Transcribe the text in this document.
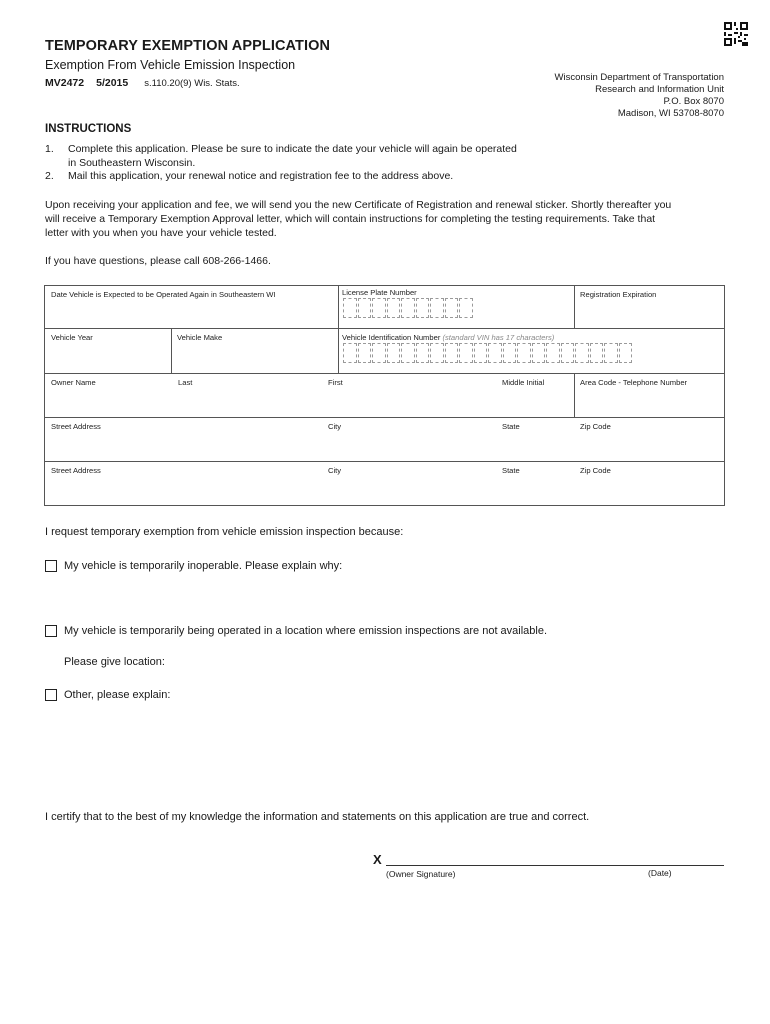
TEMPORARY EXEMPTION APPLICATION
Exemption From Vehicle Emission Inspection
MV2472 5/2015 s.110.20(9) Wis. Stats.
Wisconsin Department of Transportation
Research and Information Unit
P.O. Box 8070
Madison, WI 53708-8070
INSTRUCTIONS
1.	Complete this application. Please be sure to indicate the date your vehicle will again be operated
in Southeastern Wisconsin.
2.	Mail this application, your renewal notice and registration fee to the address above.
Upon receiving your application and fee, we will send you the new Certificate of Registration and renewal sticker. Shortly thereafter you
will receive a Temporary Exemption Approval letter, which will contain instructions for completing the testing requirements. Take that
letter with you when you have your vehicle tested.
If you have questions, please call 608-266-1466.
Date Vehicle is Expected to be Operated Again in Southeastern WI	License Plate Number	Registration Expiration
Vehicle Year	Vehicle Make	Vehicle Identification Number (standard VIN has 17 characters)
Owner Name	Last	First	Middle Initial	Area Code - Telephone Number
Street Address	City	State	Zip Code
Street Address	City	State	Zip Code
I request temporary exemption from vehicle emission inspection because:
My vehicle is temporarily inoperable. Please explain why:
My vehicle is temporarily being operated in a location where emission inspections are not available.
Please give location:
Other, please explain:
I certify that to the best of my knowledge the information and statements on this application are true and correct.
X
(Owner Signature)	(Date)
